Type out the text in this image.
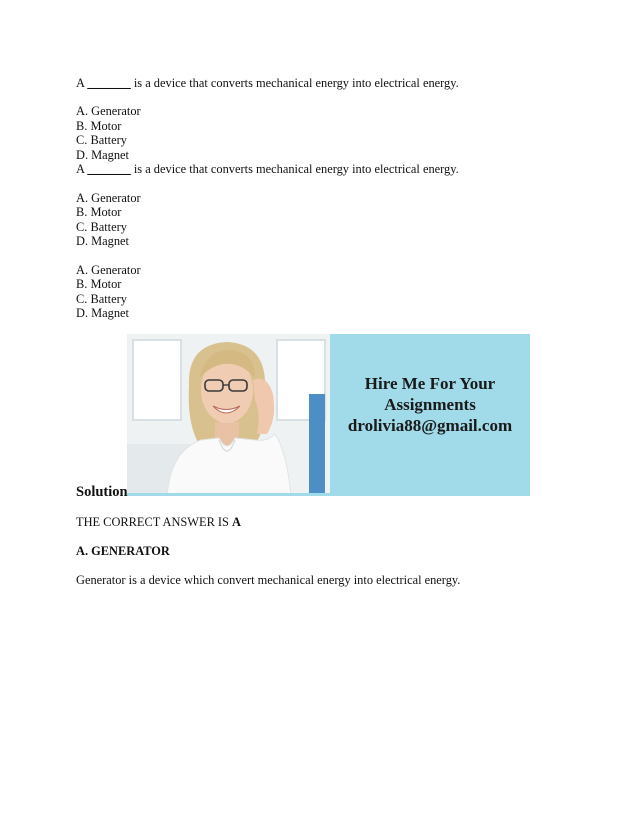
A _______ is a device that converts mechanical energy into electrical energy.

A. Generator

B. Motor

C. Battery

D. Magnet

A _______ is a device that converts mechanical energy into electrical energy.

A. Generator

B. Motor

C. Battery

D. Magnet

A. Generator

B. Motor

C. Battery

D. Magnet

Hire Me For Your

Assignments

drolivia88@gmail.com

Solution

THE CORRECT ANSWER IS A

A. GENERATOR

Generator is a device which convert mechanical energy into electrical energy.
